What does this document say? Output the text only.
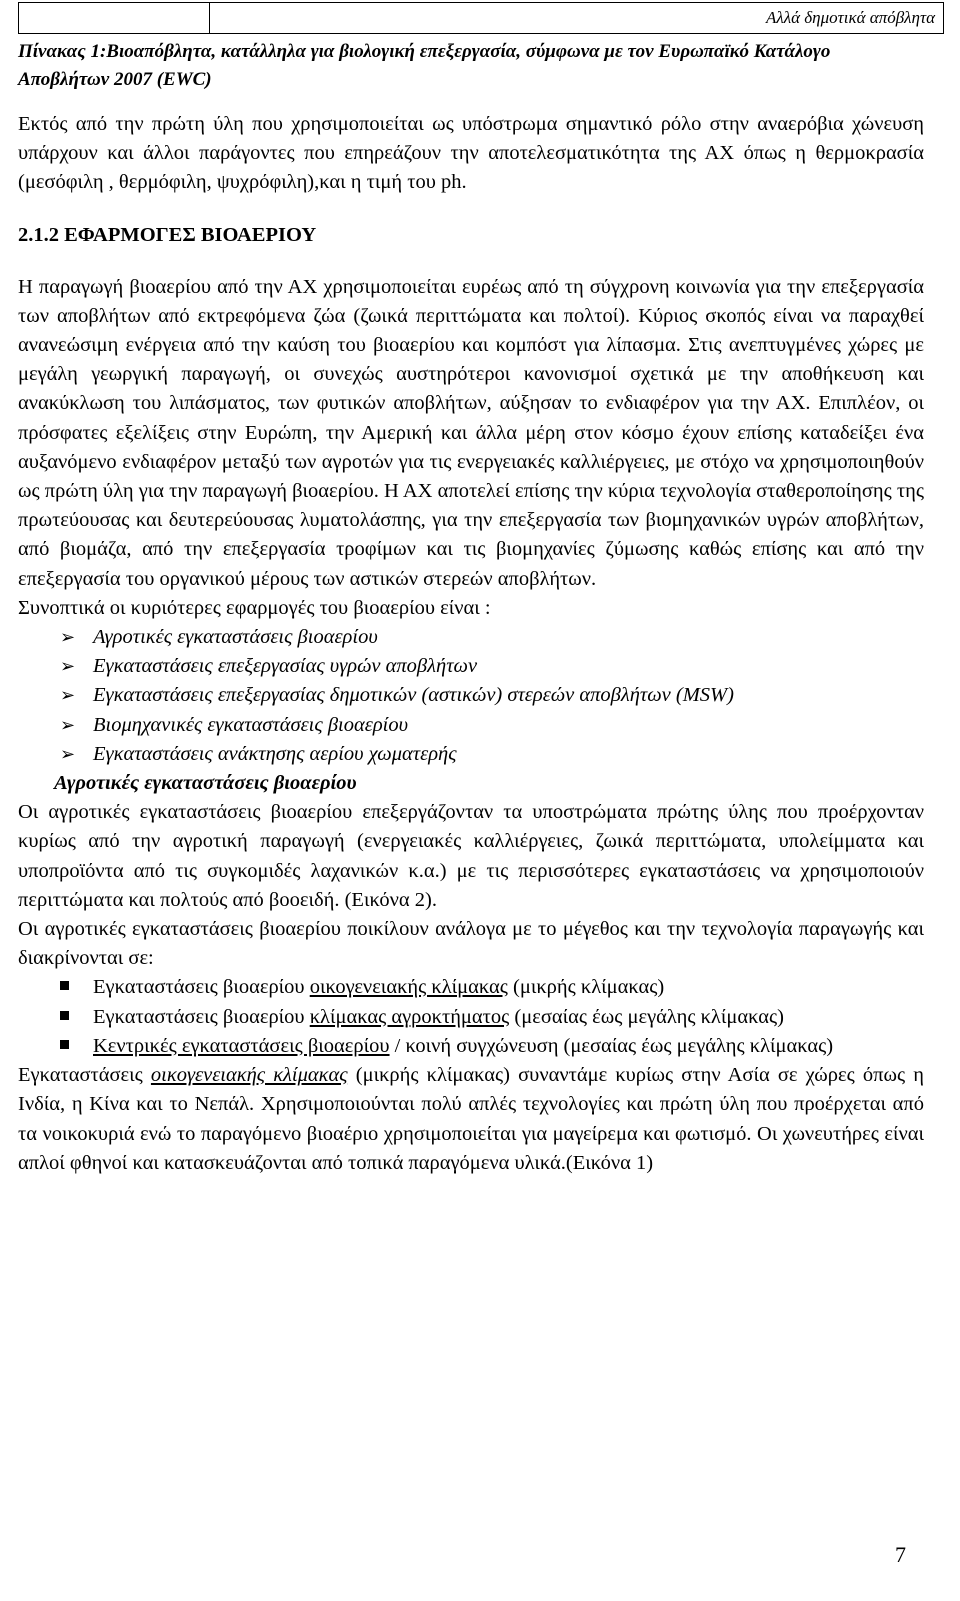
Αλλά δημοτικά απόβλητα

Πίνακας 1:Βιοαπόβλητα, κατάλληλα για βιολογική επεξεργασία, σύμφωνα με τον Ευρωπαϊκό Κατάλογο Αποβλήτων 2007 (EWC)

Εκτός από την πρώτη ύλη που χρησιμοποιείται ως υπόστρωμα σημαντικό ρόλο στην αναερόβια χώνευση υπάρχουν και άλλοι παράγοντες που επηρεάζουν την αποτελεσματικότητα της ΑΧ όπως η θερμοκρασία (μεσόφιλη , θερμόφιλη, ψυχρόφιλη),και η τιμή του ph.

2.1.2 ΕΦΑΡΜΟΓΕΣ ΒΙΟΑΕΡΙΟΥ

Η παραγωγή βιοαερίου από την ΑΧ χρησιμοποιείται ευρέως από τη σύγχρονη κοινωνία για την επεξεργασία των αποβλήτων από εκτρεφόμενα ζώα (ζωικά περιττώματα και πολτοί). Κύριος σκοπός είναι να παραχθεί ανανεώσιμη ενέργεια από την καύση του βιοαερίου και κομπόστ για λίπασμα. Στις ανεπτυγμένες χώρες με μεγάλη γεωργική παραγωγή, οι συνεχώς αυστηρότεροι κανονισμοί σχετικά με την αποθήκευση και ανακύκλωση του λιπάσματος, των φυτικών αποβλήτων, αύξησαν το ενδιαφέρον για την ΑΧ. Επιπλέον, οι πρόσφατες εξελίξεις στην Ευρώπη, την Αμερική και άλλα μέρη στον κόσμο έχουν επίσης καταδείξει ένα αυξανόμενο ενδιαφέρον μεταξύ των αγροτών για τις ενεργειακές καλλιέργειες, με στόχο να χρησιμοποιηθούν ως πρώτη ύλη για την παραγωγή βιοαερίου. Η ΑΧ αποτελεί επίσης την κύρια τεχνολογία σταθεροποίησης της πρωτεύουσας και δευτερεύουσας λυματολάσπης, για την επεξεργασία των βιομηχανικών υγρών αποβλήτων, από βιομάζα, από την επεξεργασία τροφίμων και τις βιομηχανίες ζύμωσης καθώς επίσης και από την επεξεργασία του οργανικού μέρους των αστικών στερεών αποβλήτων.

Συνοπτικά οι κυριότερες εφαρμογές του βιοαερίου είναι :

➢ Αγροτικές εγκαταστάσεις βιοαερίου
➢ Εγκαταστάσεις επεξεργασίας υγρών αποβλήτων
➢ Εγκαταστάσεις επεξεργασίας δημοτικών (αστικών) στερεών αποβλήτων (MSW)
➢ Βιομηχανικές εγκαταστάσεις βιοαερίου
➢ Εγκαταστάσεις ανάκτησης αερίου χωματερής
Αγροτικές εγκαταστάσεις βιοαερίου

Οι αγροτικές εγκαταστάσεις βιοαερίου επεξεργάζονταν τα υποστρώματα πρώτης ύλης που προέρχονταν κυρίως από την αγροτική παραγωγή (ενεργειακές καλλιέργειες, ζωικά περιττώματα, υπολείμματα και υποπροϊόντα από τις συγκομιδές λαχανικών κ.α.) με τις περισσότερες εγκαταστάσεις να χρησιμοποιούν περιττώματα και πολτούς από βοοειδή. (Εικόνα 2).

Οι αγροτικές εγκαταστάσεις βιοαερίου ποικίλουν ανάλογα με το μέγεθος και την τεχνολογία παραγωγής και διακρίνονται σε:

Εγκαταστάσεις βιοαερίου οικογενειακής κλίμακας (μικρής κλίμακας)
Εγκαταστάσεις βιοαερίου κλίμακας αγροκτήματος (μεσαίας έως μεγάλης κλίμακας)
Κεντρικές εγκαταστάσεις βιοαερίου / κοινή συγχώνευση (μεσαίας έως μεγάλης κλίμακας)

Εγκαταστάσεις οικογενειακής κλίμακας (μικρής κλίμακας) συναντάμε κυρίως στην Ασία σε χώρες όπως η Ινδία, η Κίνα και το Νεπάλ. Χρησιμοποιούνται πολύ απλές τεχνολογίες και πρώτη ύλη που προέρχεται από τα νοικοκυριά ενώ το παραγόμενο βιοαέριο χρησιμοποιείται για μαγείρεμα και φωτισμό. Οι χωνευτήρες είναι απλοί φθηνοί και κατασκευάζονται από τοπικά παραγόμενα υλικά.(Εικόνα 1)

7
